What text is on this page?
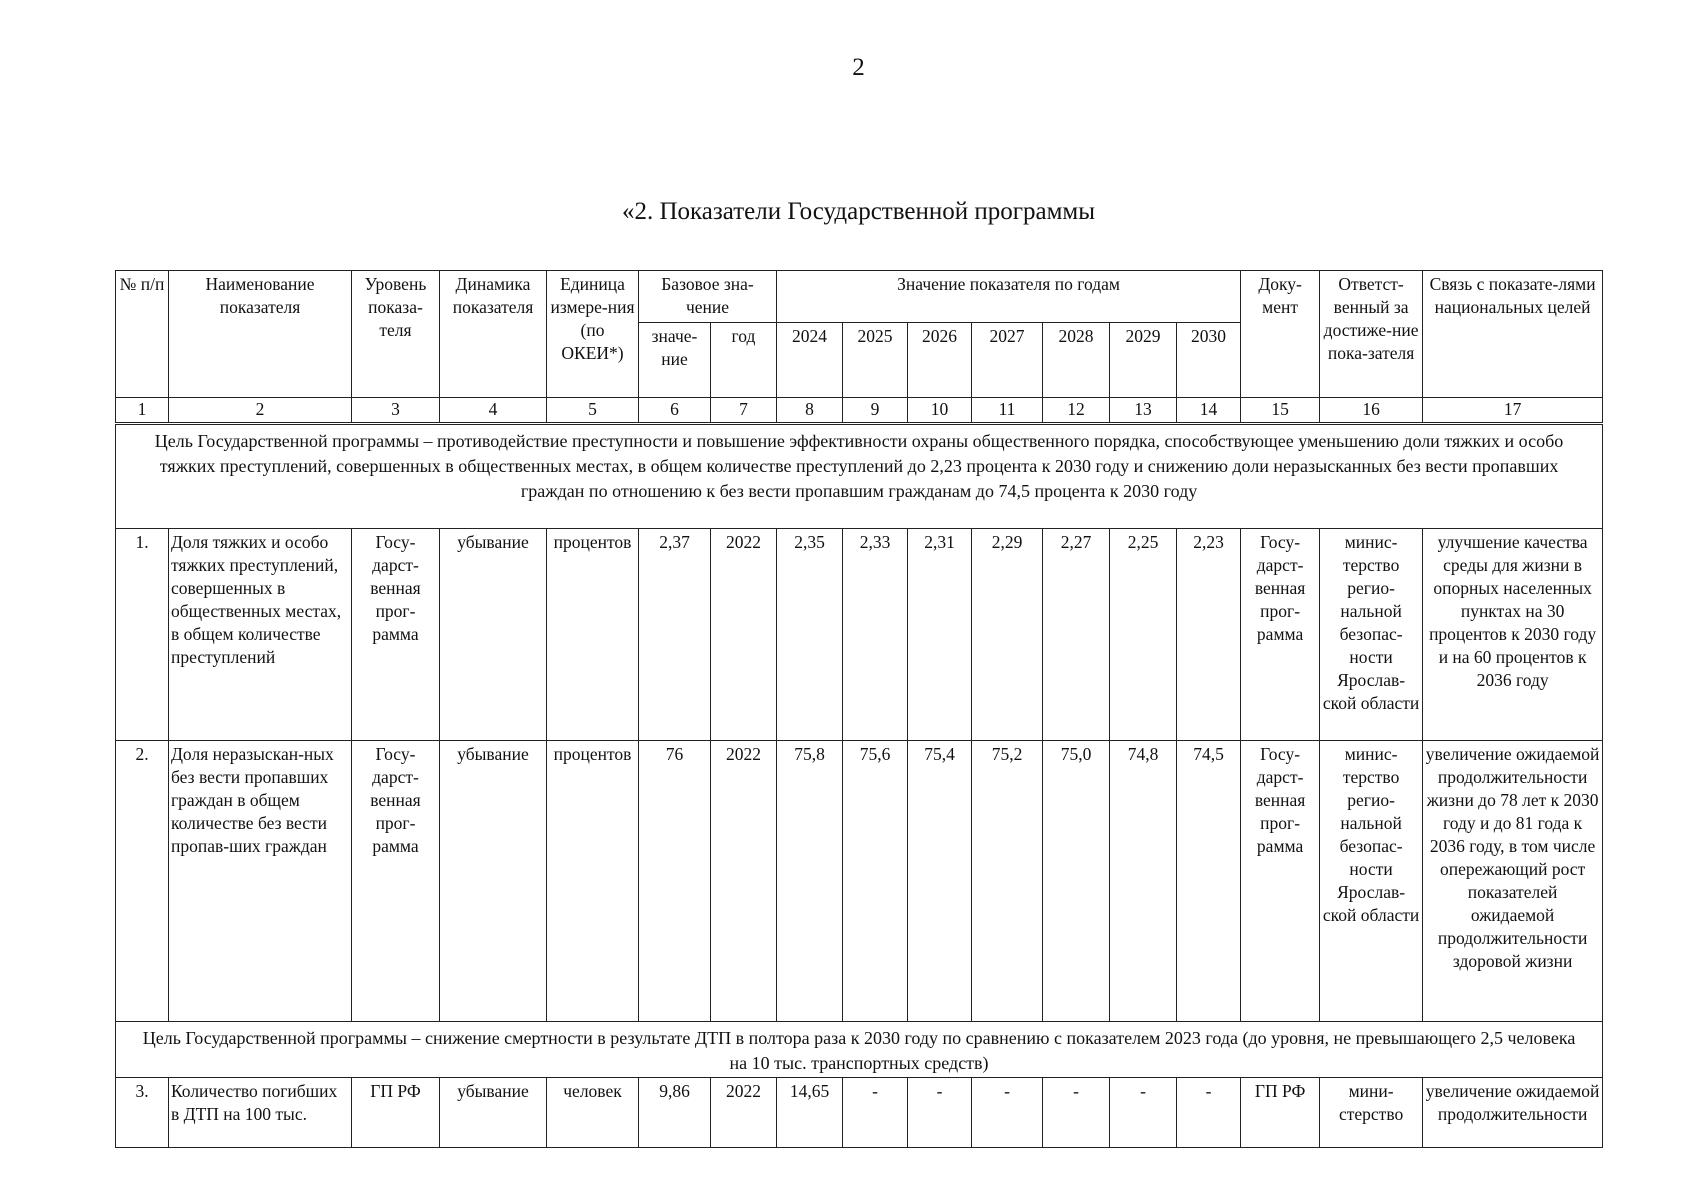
2
«2. Показатели Государственной программы
№ п/п	Наименование показателя	Уровень показа-теля	Динамика показателя	Единица измере-ния (по ОКЕИ*)	Базовое зна-чение		Значение показателя по годам							Доку-мент	Ответст-венный за достиже-ние пока-зателя	Связь с показате-лями национальных целей
					значе-ние	год	2024	2025	2026	2027	2028	2029	2030			
1	2	3	4	5	6	7	8	9	10	11	12	13	14	15	16	17
Цель Государственной программы – противодействие преступности и повышение эффективности охраны общественного порядка, способствующее уменьшению доли тяжких и особо тяжких преступлений, совершенных в общественных местах, в общем количестве преступлений до 2,23 процента к 2030 году и снижению доли неразысканных без вести пропавших граждан по отношению к без вести пропавшим гражданам до 74,5 процента к 2030 году																
1.	Доля тяжких и особо тяжких преступлений, совершенных в общественных местах, в общем количестве преступлений	Госу-дарст-венная прог-рамма	убывание	процентов	2,37	2022	2,35	2,33	2,31	2,29	2,27	2,25	2,23	Госу-дарст-венная прог-рамма	минис-терство регио-нальной безопас-ности Ярослав-ской области	улучшение качества среды для жизни в опорных населенных пунктах на 30 процентов к 2030 году и на 60 процентов к 2036 году
2.	Доля неразыскан-ных без вести пропавших граждан в общем количестве без вести пропав-ших граждан	Госу-дарст-венная прог-рамма	убывание	процентов	76	2022	75,8	75,6	75,4	75,2	75,0	74,8	74,5	Госу-дарст-венная прог-рамма	минис-терство регио-нальной безопас-ности Ярослав-ской области	увеличение ожидаемой продолжительности жизни до 78 лет к 2030 году и до 81 года к 2036 году, в том числе опережающий рост показателей ожидаемой продолжительности здоровой жизни
Цель Государственной программы – снижение смертности в результате ДТП в полтора раза к 2030 году по сравнению с показателем 2023 года (до уровня, не превышающего 2,5 человека на 10 тыс. транспортных средств)																
3.	Количество погибших в ДТП на 100 тыс.	ГП РФ	убывание	человек	9,86	2022	14,65	-	-	-	-	-	-	ГП РФ	мини-стерство	увеличение ожидаемой продолжительности
